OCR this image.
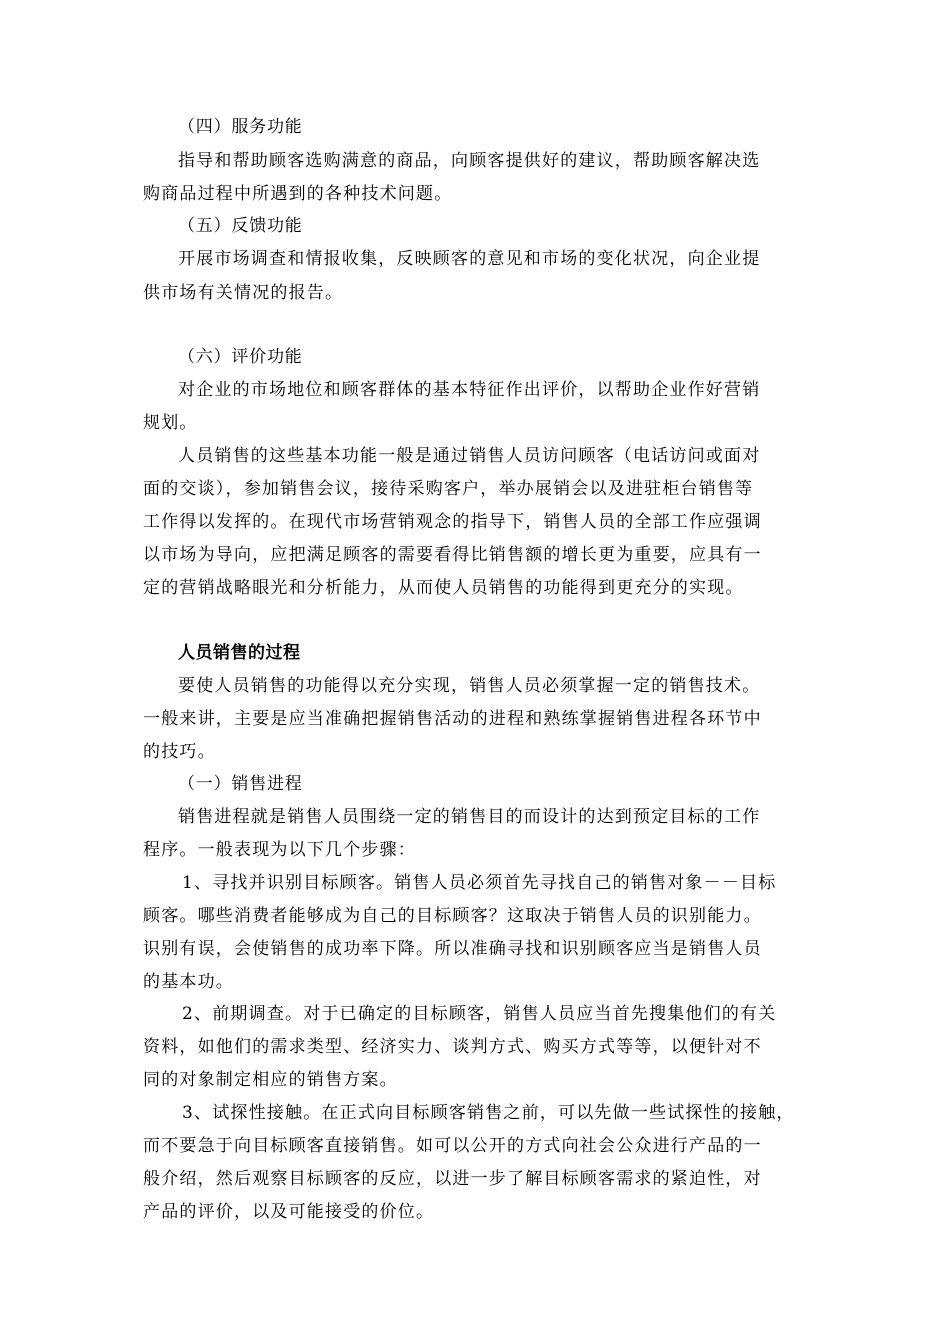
（四）服务功能
指导和帮助顾客选购满意的商品，向顾客提供好的建议，帮助顾客解决选
购商品过程中所遇到的各种技术问题。
（五）反馈功能
开展市场调查和情报收集，反映顾客的意见和市场的变化状况，向企业提
供市场有关情况的报告。
（六）评价功能
对企业的市场地位和顾客群体的基本特征作出评价，以帮助企业作好营销
规划。
人员销售的这些基本功能一般是通过销售人员访问顾客（电话访问或面对
面的交谈），参加销售会议，接待采购客户，举办展销会以及进驻柜台销售等
工作得以发挥的。在现代市场营销观念的指导下，销售人员的全部工作应强调
以市场为导向，应把满足顾客的需要看得比销售额的增长更为重要，应具有一
定的营销战略眼光和分析能力，从而使人员销售的功能得到更充分的实现。
人员销售的过程
要使人员销售的功能得以充分实现，销售人员必须掌握一定的销售技术。
一般来讲，主要是应当准确把握销售活动的进程和熟练掌握销售进程各环节中
的技巧。
（一）销售进程
销售进程就是销售人员围绕一定的销售目的而设计的达到预定目标的工作
程序。一般表现为以下几个步骤：
1、寻找并识别目标顾客。销售人员必须首先寻找自己的销售对象－－目标
顾客。哪些消费者能够成为自己的目标顾客？这取决于销售人员的识别能力。
识别有误，会使销售的成功率下降。所以准确寻找和识别顾客应当是销售人员
的基本功。
2、前期调查。对于已确定的目标顾客，销售人员应当首先搜集他们的有关
资料，如他们的需求类型、经济实力、谈判方式、购买方式等等，以便针对不
同的对象制定相应的销售方案。
3、试探性接触。在正式向目标顾客销售之前，可以先做一些试探性的接触，
而不要急于向目标顾客直接销售。如可以公开的方式向社会公众进行产品的一
般介绍，然后观察目标顾客的反应，以进一步了解目标顾客需求的紧迫性，对
产品的评价，以及可能接受的价位。
